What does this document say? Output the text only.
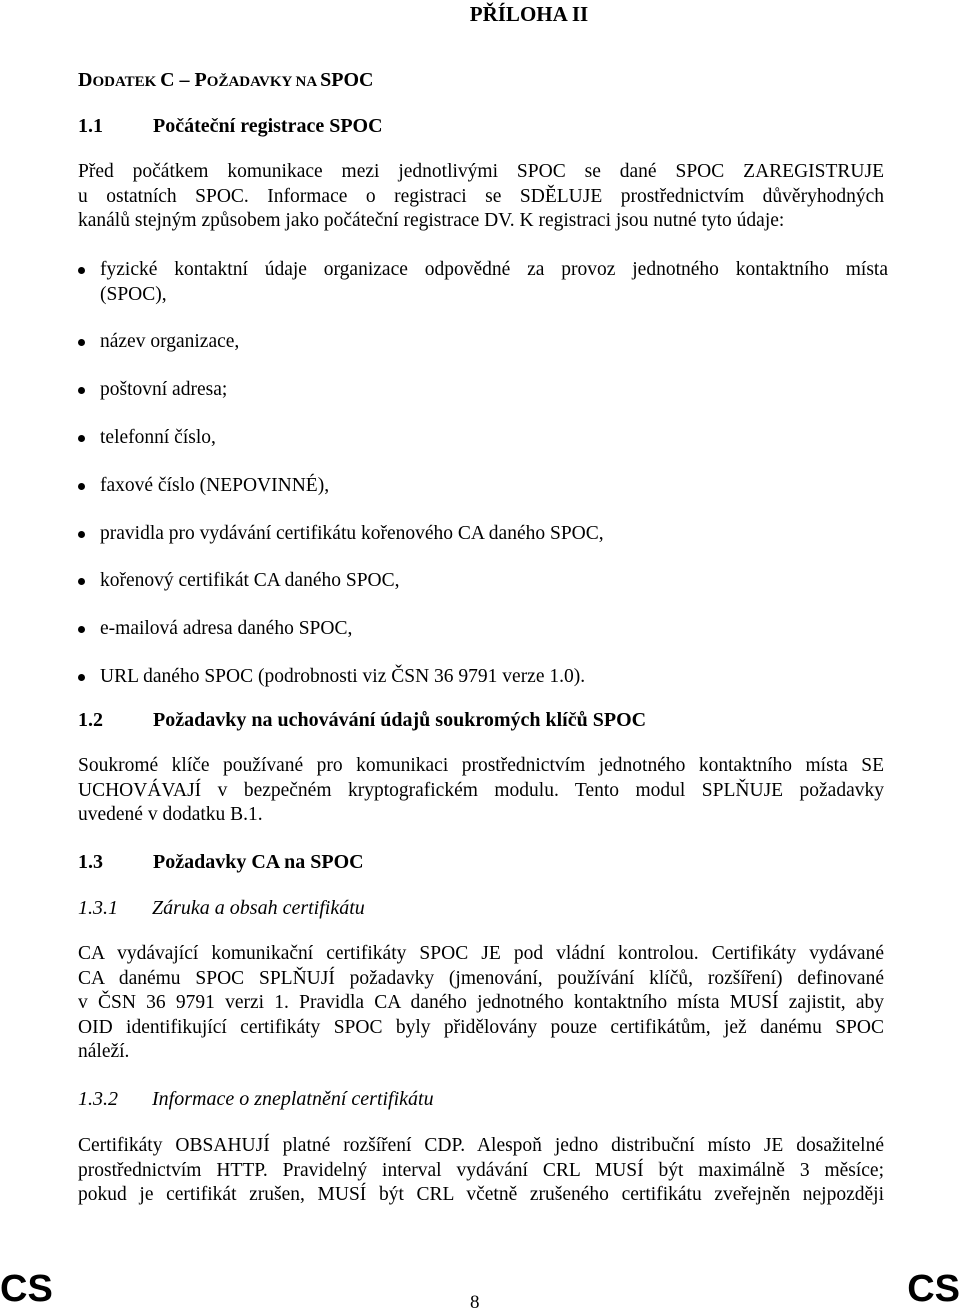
PŘÍLOHA II
DODATEK C – POŽADAVKY NA SPOC
1.1	Počáteční registrace SPOC
Před počátkem komunikace mezi jednotlivými SPOC se dané SPOC ZAREGISTRUJE
u ostatních SPOC. Informace o registraci se SDĚLUJE prostřednictvím důvěryhodných
kanálů stejným způsobem jako počáteční registrace DV. K registraci jsou nutné tyto údaje:
fyzické kontaktní údaje organizace odpovědné za provoz jednotného kontaktního místa
(SPOC),
název organizace,
poštovní adresa;
telefonní číslo,
faxové číslo (NEPOVINNÉ),
pravidla pro vydávání certifikátu kořenového CA daného SPOC,
kořenový certifikát CA daného SPOC,
e-mailová adresa daného SPOC,
URL daného SPOC (podrobnosti viz ČSN 36 9791 verze 1.0).
1.2	Požadavky na uchovávání údajů soukromých klíčů SPOC
Soukromé klíče používané pro komunikaci prostřednictvím jednotného kontaktního místa SE
UCHOVÁVAJÍ v bezpečném kryptografickém modulu. Tento modul SPLŇUJE požadavky
uvedené v dodatku B.1.
1.3	Požadavky CA na SPOC
1.3.1 Záruka a obsah certifikátu
CA vydávající komunikační certifikáty SPOC JE pod vládní kontrolou. Certifikáty vydávané
CA danému SPOC SPLŇUJÍ požadavky (jmenování, používání klíčů, rozšíření) definované
v ČSN 36 9791 verzi 1. Pravidla CA daného jednotného kontaktního místa MUSÍ zajistit, aby
OID identifikující certifikáty SPOC byly přidělovány pouze certifikátům, jež danému SPOC
náleží.
1.3.2 Informace o zneplatnění certifikátu
Certifikáty OBSAHUJÍ platné rozšíření CDP. Alespoň jedno distribuční místo JE dosažitelné
prostřednictvím HTTP. Pravidelný interval vydávání CRL MUSÍ být maximálně 3 měsíce;
pokud je certifikát zrušen, MUSÍ být CRL včetně zrušeného certifikátu zveřejněn nejpozději
CS	8	CS
